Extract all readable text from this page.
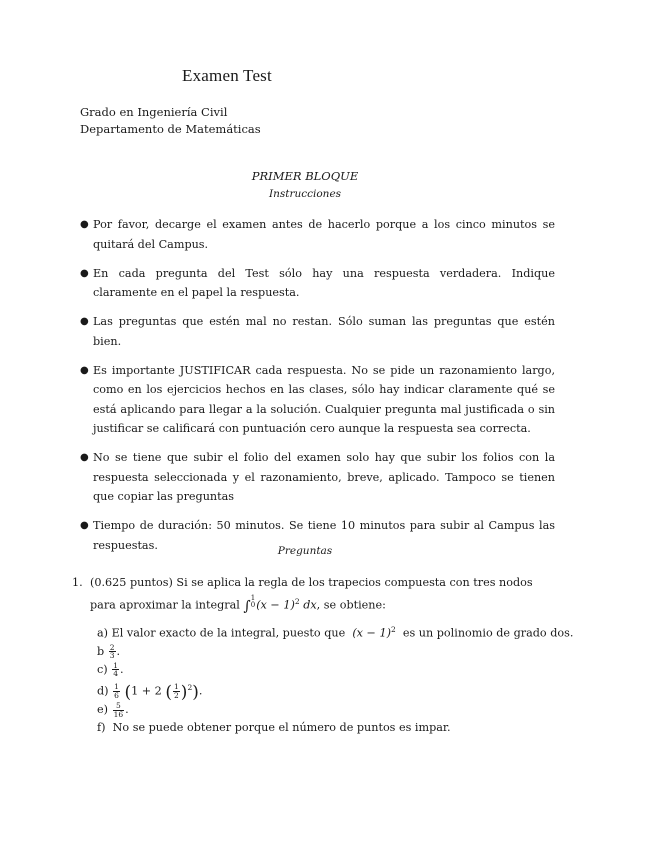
Examen Test
Grado en Ingeniería Civil
Departamento de Matemáticas
PRIMER BLOQUE
Instrucciones
● Por favor, decarge el examen antes de hacerlo porque a los cinco minutos se quitará del Campus.
● En cada pregunta del Test sólo hay una respuesta verdadera. Indique claramente en el papel la respuesta.
● Las preguntas que estén mal no restan. Sólo suman las preguntas que estén bien.
● Es importante JUSTIFICAR cada respuesta. No se pide un razonamiento largo, como en los ejercicios hechos en las clases, sólo hay indicar claramente qué se está aplicando para llegar a la solución. Cualquier pregunta mal justificada o sin justificar se calificará con puntuación cero aunque la respuesta sea correcta.
● No se tiene que subir el folio del examen solo hay que subir los folios con la respuesta seleccionada y el razonamiento, breve, aplicado. Tampoco se tienen que copiar las preguntas
● Tiempo de duración: 50 minutos. Se tiene 10 minutos para subir al Campus las respuestas.	Preguntas
1. (0.625 puntos) Si se aplica la regla de los trapecios compuesta con tres nodos para aproximar la integral ∫1
$0(x - 1)^2$ dx, se obtiene:
a) El valor exacto de la integral, puesto que $(x - 1)^2$ es un polinomio de grado dos.
b $\frac{2}{3}$ .
$c) \frac{1}{4}$ .
$d) \frac{1}{6} (1 + 2$ ( $\frac{1}{2} )^2$).
$e) \frac{5}{16}$ .
f) No se puede obtener porque el número de puntos es impar.
